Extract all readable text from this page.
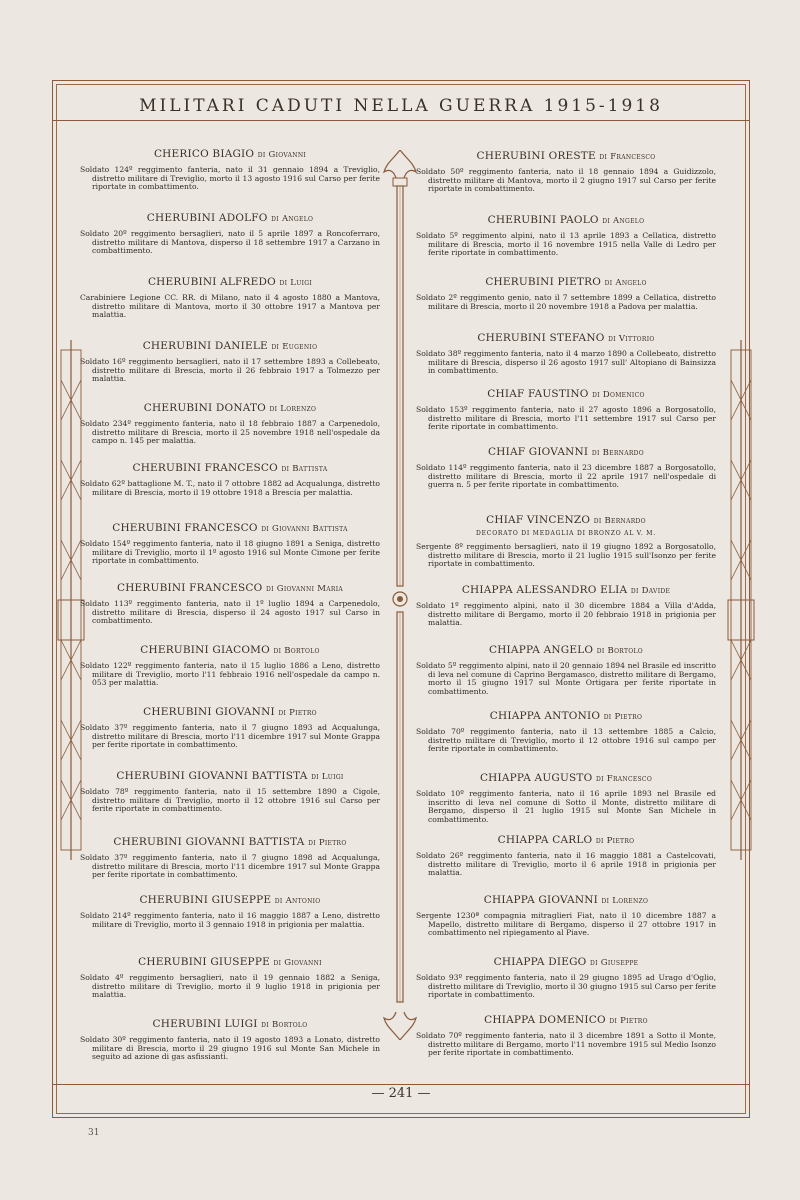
MILITARI CADUTI NELLA GUERRA 1915-1918
CHERICO BIAGIO di Giovanni
Soldato 124º reggimento fanteria, nato il 31 gennaio 1894 a Treviglio, distretto militare di Treviglio, morto il 13 agosto 1916 sul Carso per ferite riportate in combattimento.
CHERUBINI ADOLFO di Angelo
Soldato 20º reggimento bersaglieri, nato il 5 aprile 1897 a Roncoferraro, distretto militare di Mantova, disperso il 18 settembre 1917 a Carzano in combattimento.
CHERUBINI ALFREDO di Luigi
Carabiniere Legione CC. RR. di Milano, nato il 4 agosto 1880 a Mantova, distretto militare di Mantova, morto il 30 ottobre 1917 a Mantova per malattia.
CHERUBINI DANIELE di Eugenio
Soldato 16º reggimento bersaglieri, nato il 17 settembre 1893 a Collebeato, distretto militare di Brescia, morto il 26 febbraio 1917 a Tolmezzo per malattia.
CHERUBINI DONATO di Lorenzo
Soldato 234º reggimento fanteria, nato il 18 febbraio 1887 a Carpenedolo, distretto militare di Brescia, morto il 25 novembre 1918 nell'ospedale da campo n. 145 per malattia.
CHERUBINI FRANCESCO di Battista
Soldato 62º battaglione M. T., nato il 7 ottobre 1882 ad Acqualunga, distretto militare di Brescia, morto il 19 ottobre 1918 a Brescia per malattia.
CHERUBINI FRANCESCO di Giovanni Battista
Soldato 154º reggimento fanteria, nato il 18 giugno 1891 a Seniga, distretto militare di Treviglio, morto il 1º agosto 1916 sul Monte Cimone per ferite riportate in combattimento.
CHERUBINI FRANCESCO di Giovanni Maria
Soldato 113º reggimento fanteria, nato il 1º luglio 1894 a Carpenedolo, distretto militare di Brescia, disperso il 24 agosto 1917 sul Carso in combattimento.
CHERUBINI GIACOMO di Bortolo
Soldato 122º reggimento fanteria, nato il 15 luglio 1886 a Leno, distretto militare di Treviglio, morto l'11 febbraio 1916 nell'ospedale da campo n. 053 per malattia.
CHERUBINI GIOVANNI di Pietro
Soldato 37º reggimento fanteria, nato il 7 giugno 1893 ad Acqualunga, distretto militare di Brescia, morto l'11 dicembre 1917 sul Monte Grappa per ferite riportate in combattimento.
CHERUBINI GIOVANNI BATTISTA di Luigi
Soldato 78º reggimento fanteria, nato il 15 settembre 1890 a Cigole, distretto militare di Treviglio, morto il 12 ottobre 1916 sul Carso per ferite riportate in combattimento.
CHERUBINI GIOVANNI BATTISTA di Pietro
Soldato 37º reggimento fanteria, nato il 7 giugno 1898 ad Acqualunga, distretto militare di Brescia, morto l'11 dicembre 1917 sul Monte Grappa per ferite riportate in combattimento.
CHERUBINI GIUSEPPE di Antonio
Soldato 214º reggimento fanteria, nato il 16 maggio 1887 a Leno, distretto militare di Treviglio, morto il 3 gennaio 1918 in prigionia per malattia.
CHERUBINI GIUSEPPE di Giovanni
Soldato 4º reggimento bersaglieri, nato il 19 gennaio 1882 a Seniga, distretto militare di Treviglio, morto il 9 luglio 1918 in prigionia per malattia.
CHERUBINI LUIGI di Bortolo
Soldato 30º reggimento fanteria, nato il 19 agosto 1893 a Lonato, distretto militare di Brescia, morto il 29 giugno 1916 sul Monte San Michele in seguito ad azione di gas asfissianti.
CHERUBINI ORESTE di Francesco
Soldato 50º reggimento fanteria, nato il 18 gennaio 1894 a Guidizzolo, distretto militare di Mantova, morto il 2 giugno 1917 sul Carso per ferite riportate in combattimento.
CHERUBINI PAOLO di Angelo
Soldato 5º reggimento alpini, nato il 13 aprile 1893 a Cellatica, distretto militare di Brescia, morto il 16 novembre 1915 nella Valle di Ledro per ferite riportate in combattimento.
CHERUBINI PIETRO di Angelo
Soldato 2º reggimento genio, nato il 7 settembre 1899 a Cellatica, distretto militare di Brescia, morto il 20 novembre 1918 a Padova per malattia.
CHERUBINI STEFANO di Vittorio
Soldato 38º reggimento fanteria, nato il 4 marzo 1890 a Collebeato, distretto militare di Brescia, disperso il 26 agosto 1917 sull' Altopiano di Bainsizza in combattimento.
CHIAF FAUSTINO di Domenico
Soldato 153º reggimento fanteria, nato il 27 agosto 1896 a Borgosatollo, distretto militare di Brescia, morto l'11 settembre 1917 sul Carso per ferite riportate in combattimento.
CHIAF GIOVANNI di Bernardo
Soldato 114º reggimento fanteria, nato il 23 dicembre 1887 a Borgosatollo, distretto militare di Brescia, morto il 22 aprile 1917 nell'ospedale di guerra n. 5 per ferite riportate in combattimento.
CHIAF VINCENZO di Bernardo
DECORATO DI MEDAGLIA DI BRONZO AL V. M.
Sergente 8º reggimento bersaglieri, nato il 19 giugno 1892 a Borgosatollo, distretto militare di Brescia, morto il 21 luglio 1915 sull'Isonzo per ferite riportate in combattimento.
CHIAPPA ALESSANDRO ELIA di Davide
Soldato 1º reggimento alpini, nato il 30 dicembre 1884 a Villa d'Adda, distretto militare di Bergamo, morto il 20 febbraio 1918 in prigionia per malattia.
CHIAPPA ANGELO di Bortolo
Soldato 5º reggimento alpini, nato il 20 gennaio 1894 nel Brasile ed inscritto di leva nel comune di Caprino Bergamasco, distretto militare di Bergamo, morto il 15 giugno 1917 sul Monte Ortigara per ferite riportate in combattimento.
CHIAPPA ANTONIO di Pietro
Soldato 70º reggimento fanteria, nato il 13 settembre 1885 a Calcio, distretto militare di Treviglio, morto il 12 ottobre 1916 sul campo per ferite riportate in combattimento.
CHIAPPA AUGUSTO di Francesco
Soldato 10º reggimento fanteria, nato il 16 aprile 1893 nel Brasile ed inscritto di leva nel comune di Sotto il Monte, distretto militare di Bergamo, disperso il 21 luglio 1915 sul Monte San Michele in combattimento.
CHIAPPA CARLO di Pietro
Soldato 26º reggimento fanteria, nato il 16 maggio 1881 a Castelcovati, distretto militare di Treviglio, morto il 6 aprile 1918 in prigionia per malattia.
CHIAPPA GIOVANNI di Lorenzo
Sergente 1230ª compagnia mitraglieri Fiat, nato il 10 dicembre 1887 a Mapello, distretto militare di Bergamo, disperso il 27 ottobre 1917 in combattimento nel ripiegamento al Piave.
CHIAPPA DIEGO di Giuseppe
Soldato 93º reggimento fanteria, nato il 29 giugno 1895 ad Urago d'Oglio, distretto militare di Treviglio, morto il 30 giugno 1915 sul Carso per ferite riportate in combattimento.
CHIAPPA DOMENICO di Pietro
Soldato 70º reggimento fanteria, nato il 3 dicembre 1891 a Sotto il Monte, distretto militare di Bergamo, morto l'11 novembre 1915 sul Medio Isonzo per ferite riportate in combattimento.
— 241 —
31
